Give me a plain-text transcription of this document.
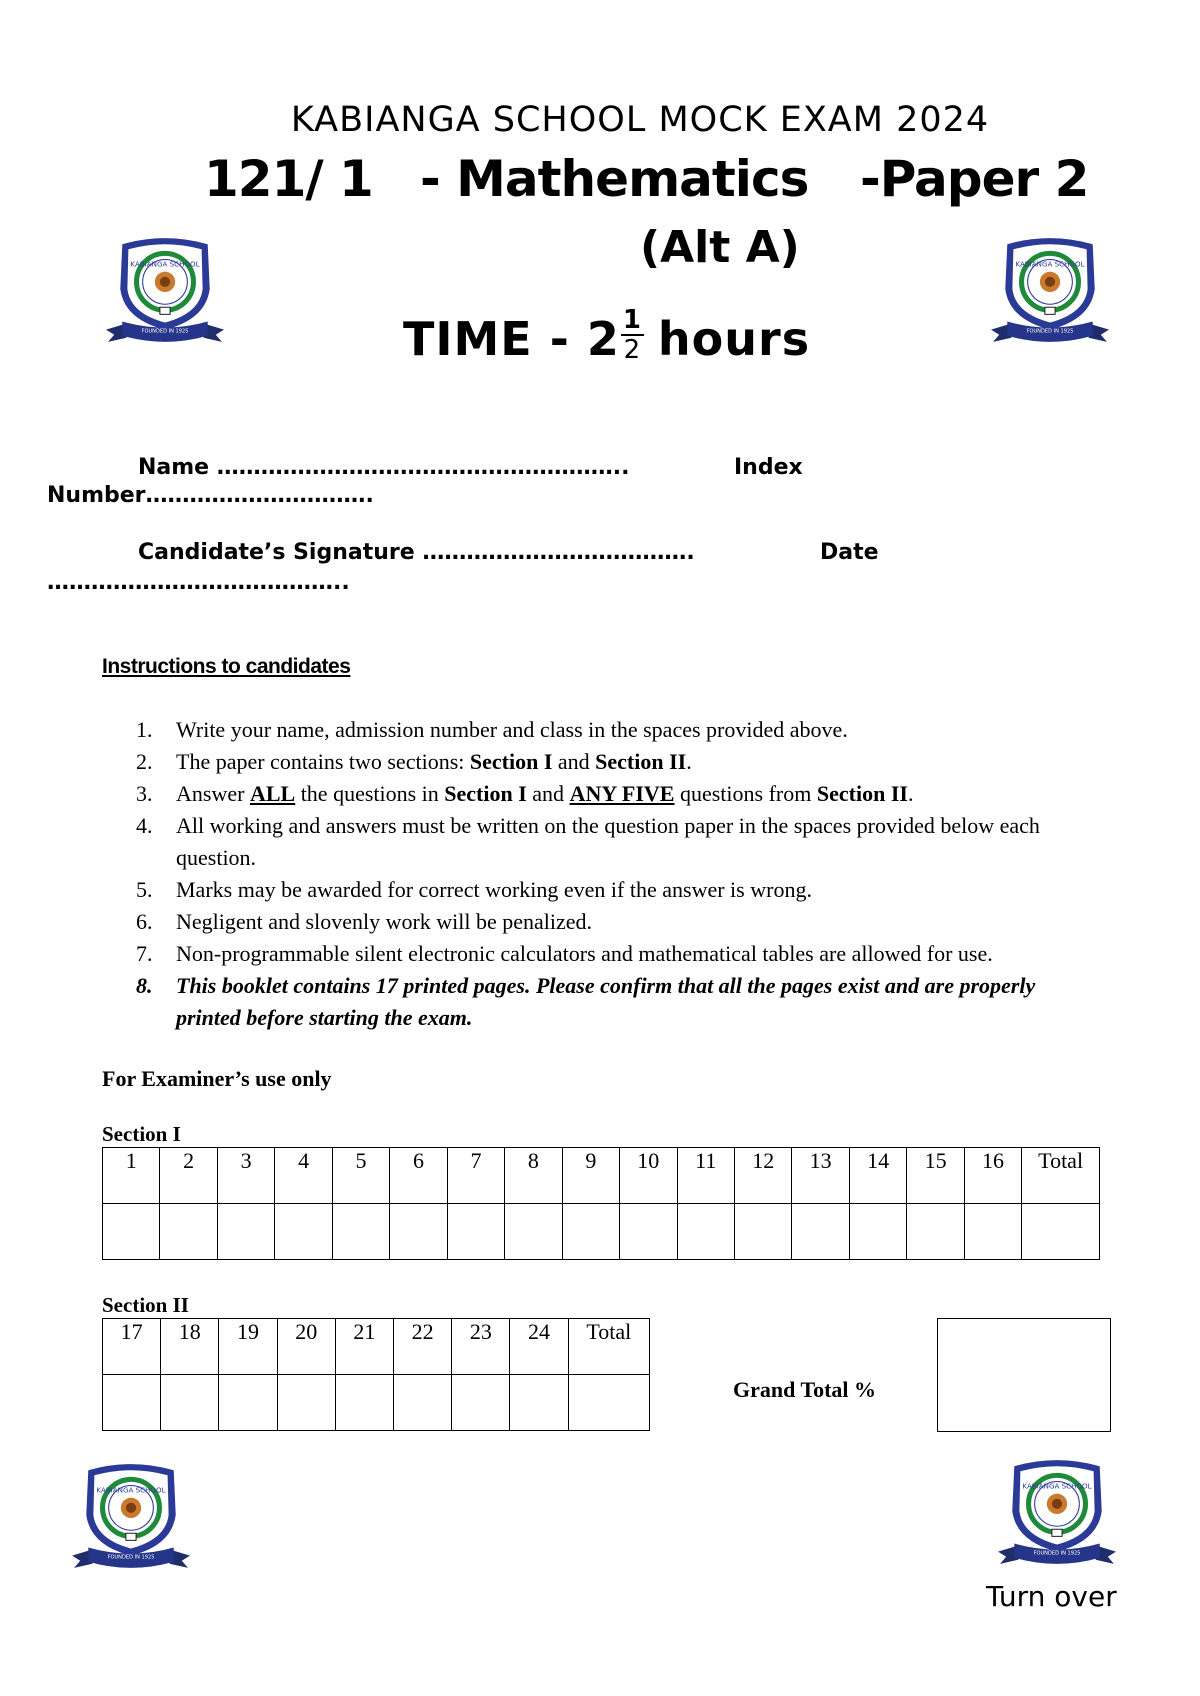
KABIANGA SCHOOL
FOUNDED IN 1925
KABIANGA SCHOOL
FOUNDED IN 1925
KABIANGA SCHOOL
FOUNDED IN 1925
KABIANGA SCHOOL
FOUNDED IN 1925
KABIANGA SCHOOL MOCK EXAM 2024
121/ 1 - Mathematics -Paper 2
(Alt A)
TIME - $2 \frac{1}{2}$ hours
Name ………………………………………………..	Index
Number………………………….
Candidate’s Signature ……………………………….	Date
…………………………………..
Instructions to candidates
1. Write your name, admission number and class in the spaces provided above.
2. The paper contains two sections: Section I and Section II.
3. Answer ALL the questions in Section I and ANY FIVE questions from Section II.
4. All working and answers must be written on the question paper in the spaces provided below each question.
5. Marks may be awarded for correct working even if the answer is wrong.
6. Negligent and slovenly work will be penalized.
7. Non-programmable silent electronic calculators and mathematical tables are allowed for use.
8. This booklet contains 17 printed pages. Please confirm that all the pages exist and are properly printed before starting the exam.
For Examiner’s use only
Section I
1	2	3	4	5	6	7	8	9	10	11	12	13	14	15	16	Total

Section II
17	18	19	20	21	22	23	24	Total

Grand Total %
Turn over
